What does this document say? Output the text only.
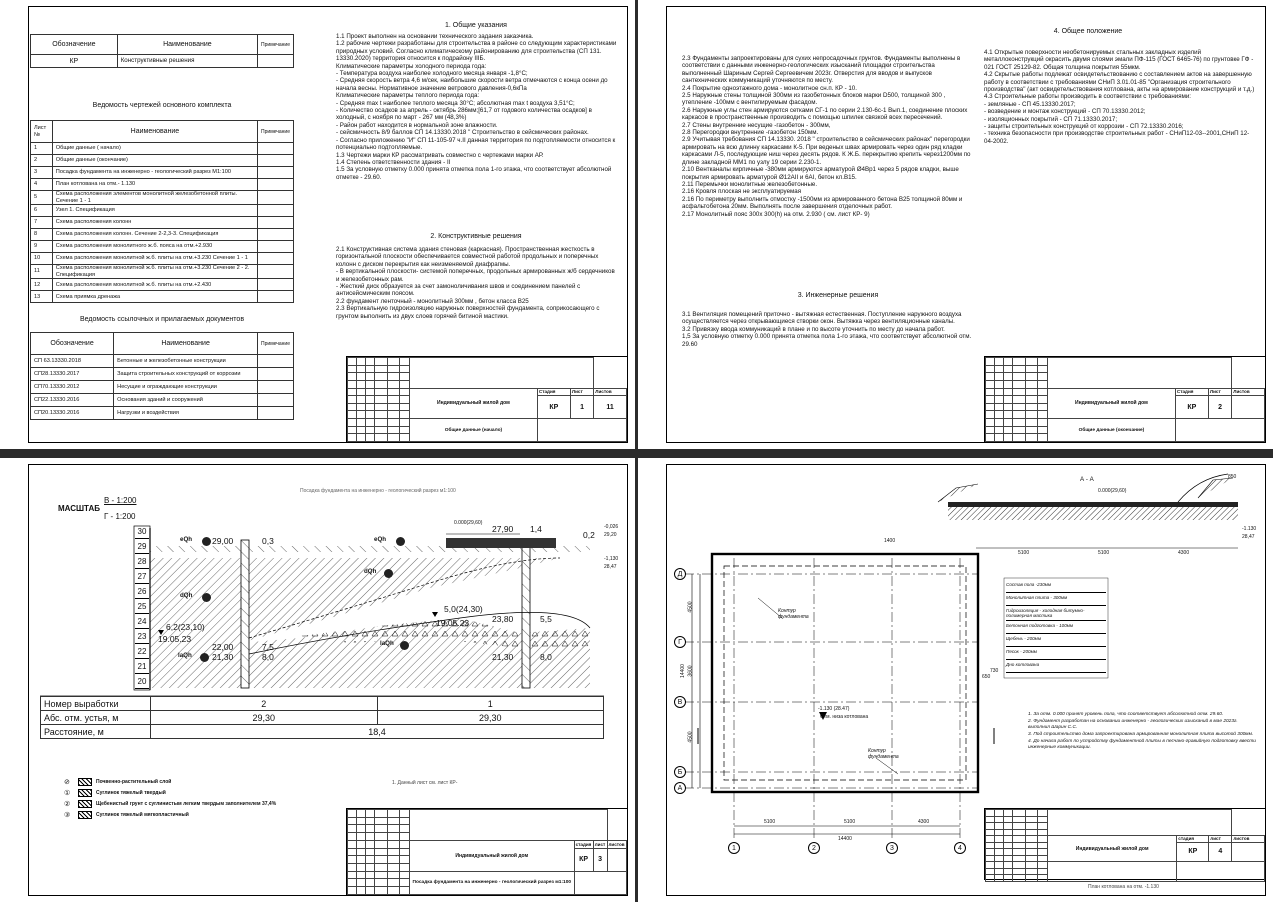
Обозначение	Наименование	Примечание
КР	Конструктивные решения	
Ведомость чертежей основного комплекта
Лист №	Наименование	Примечание
1	Общие данные ( начало)	
2	Общие данные (окончание)	
3	Посадка фундамента на инженерно - геологический разрез М1:100	
4	План котлована на отм.- 1.130	
5	Схема расположения элементов монолитной железобетонной плиты. Сечение 1 - 1	
6	Узел 1. Спецификация	
7	Схема расположения колонн	
8	Схема расположения колонн. Сечение 2-2,3-3. Спецификация	
9	Схема расположения монолитного ж.б. пояса на отм.+2.930	
10	Схема расположения монолитной ж.б. плиты на отм.+3.230 Сечение 1 - 1	
11	Схема расположения монолитной ж.б. плиты на отм.+3.230 Сечение 2 - 2. Спецификация	
12	Схема расположения монолитной ж.б. плиты на отм.+2.430	
13	Схема приямка дренажа	
Ведомость ссылочных и прилагаемых документов
Обозначение	Наименование	Примечание
СП 63.13330.2018	Бетонные и железобетонные конструкции	
СП28.13330.2017	Защита строительных конструкций от коррозии	
СП70.13330.2012	Несущие и ограждающие конструкции	
СП22.13330.2016	Основания зданий и сооружений	
СП20.13330.2016	Нагрузки и воздействия	
1. Общие указания

1.1 Проект выполнен на основании технического задания заказчика.

1.2 рабочие чертежи разработаны для строительства в районе со следующим характеристиками природных условий. Согласно климатическому районированию для строительства (СП 131. 13330.2020) территория относится к подрайону IIIБ.

Климатические параметры холодного периода года:

- Температура воздуха наиболее холодного месяца января -1,8°С;

- Средняя скорость ветра 4,6 м/сек, наибольшие скорости ветра отмечаются с конца осени до начала весны. Нормативное значение ветрового давления-0,6кПа

Климатические параметры теплого периода года:

- Средняя max t наиболее теплого месяца 30°С; абсолютная max t воздуха 3,51°С;

- Количество осадков за апрель - октябрь 286мм;[61,7 от годового количества осадков] в холодный, с ноября по март - 267 мм (48,3%)

- Район работ находится в нормальной зоне влажности.

- сейсмичность 8/9 баллов СП 14.13330.2018 " Строительство в сейсмических районах.

- Согласно приложению "И" СП 11-105-97 ч.II данная территория по подтопляемости относится к потенциально подтопляемые.

1.3 Чертежи марки КР рассматривать совместно с чертежами марки АР.

1.4 Степень ответственности здания - II

1.5 За условную отметку 0.000 принята отметка пола 1-го этажа, что соответствует абсолютной отметке - 29.60.

2. Конструктивные решения

2.1 Конструктивная система здания стеновая (каркасная). Пространственная жесткость в горизонтальной плоскости обеспечивается совместной работой продольных и поперечных колонн с диском перекрытия как неизменяемой диафрагмы.

- В вертикальной плоскости- системой поперечных, продольных армированных ж/б сердечников и железобетонных рам.

- Жесткий диск образуется за счет замоноличивания швов и соединением панелей с антисейсмическим поясом.

2.2 фундамент ленточный - монолитный 300мм , бетон класса В25

2.3 Вертикальную гидроизоляцию наружных поверхностей фундамента, соприкосающего с грунтом выполнить из двух слоев горячей битиной мастики.

						Индивидуальный жилой дом	Стадия	Лист	Листов
							КР	1	11

						Общие данные (начало)			

4. Общее положение

2.3 Фундаменты запроектированы для сухих непросадочных грунтов. Фундаменты выполнены в соответствии с данными инженерно-геологических изысканий площадки строительства выполненный Шариным Сергей Сергеевичем 2023г. Отверстия для вводов и выпусков сантехнических коммуникаций уточняются по месту.

2.4 Покрытие одноэтажного дома - монолитное сн.п. КР - 10.

2.5 Наружные стены толщиной 300мм из газобетонных блоков марки D500, толщиной 300 , утепление -100мм с вентилируемым фасадом.

2.6 Наружные углы стен армируются сетками СГ-1 по серии 2.130-6с-1 Вып.1, соединение плоских каркасов в пространственные производить с помощью шпилек связкой всех пересечений.

2.7 Стены внутренние несущие -газобетон - 300мм,

2.8 Перегородки внутренние -газобетон 150мм.

2.9 Учитывая требования СП 14.13330. 2018 " строительство в сейсмических районах" перегородки армировать на всю длинну каркасами К-5. При веденых швах армировать через один ряд кладки каркасами Л-5, последующие ниш через десять рядов. К Ж.Б. перекрытию крепить через1200мм по длине закладной ММ1 по узлу 19 серии 2.230-1.

2.10 Вентканалы кирпичные -380мм армируются арматурой Ø4Вр1 через 5 рядов кладки, выше покрытия армировать арматурой Ø12АII и 6АI, бетон кл.В15.

2.11 Перемычки монолитные железобетонные.

2.16 Кровля плоская не эксплуатируемая

2.16 По периметру выполнить отмостку -1500мм из армированного бетона В25 толщиной 80мм и асфальтобетона 20мм. Выполнять после завершения отделочных работ.

2.17 Монолитный пояс 300x 300(h) на отм. 2.930 ( см. лист КР- 9)

4.1 Открытые поверхности необетонируемых стальных закладных изделий металлоконструкций окрасить двумя слоями эмали ПФ-115 (ГОСТ 6465-76) по грунтовке ГФ - 021 ГОСТ 25129-82. Общая толщина покрытия 55мкм.

4.2 Скрытые работы подлежат освидетельствованию с составлением актов на завершенную работу в соответствии с требованиями СНиП 3.01.01-85 "Организация строительного производства" (акт освидетельствования котлована, акты на армирование конструкций и т.д.)

4.3 Строительные работы производить в соответствии с требованиями:

- земляные - СП 45.13330.2017;

- возведение и монтаж конструкций - СП 70.13330.2012;

- изоляционных покрытий - СП 71.13330.2017;

- защиты строительных конструкций от коррозии - СП 72.13330.2016;

- техника безопасности при производстве строительных работ - СНиП12-03--2001,СНиП 12-04-2002.

3. Инженерные решения

3.1 Вентиляция помещений приточно - вытяжная естественная. Поступление наружного воздуха осуществляется через открывающиеся створки окон. Вытяжка через вентиляционные каналы.

3.2 Привязку ввода коммуникаций в плане и по высоте уточнить по месту до начала работ.

1,5 За условную отметку 0.000 принята отметка пола 1-го этажа, что соответствует абсолютной отм. 29.60

						Индивидуальный жилой дом	Стадия	Лист	Листов
							КР	2	

						Общие данные (окончание)			

Посадка фундамента на инженерно - геологический разрез м1:100
30
29
28
27
26
25
24
23
22
21
20
МАСШТАБ
В - 1:200
Г - 1:200
eQh	eQh
dQh
dQh
laQh
laQh
29,00	0,3
27,90 1,4
0.000(29,60)
0,2
-0,026
29,20
-1,130
28,47
6,2(23,10)
19.05.23
22,00
21,30
7,5
8,0
5,0(24,30)
19.05.23	23,80	5,5
21,30	8,0
Номер выработки	2	1
Абс. отм. устья, м	29,30	29,30
Расстояние, м	18,4	
⊘	Почвенно-растительный слой
①	Суглинок тяжелый твердый
②	Щебенистый грунт с суглинистым легким твердым заполнителем 37,4%
③	Суглинок тяжелый мягкопластичный
1. Данный лист см. лист КР-

						Индивидуальный жилой дом	стадия	лист	листов
							КР	3	

						Посадка фундамента на инженерно - геологический разрез м1:100			

А - А
0.000(29,60)
-1.130
28,47
5100	5100	4300
5100	5100	4300
14400
1	2	3	4
Д
Г
В
Б
А
4500
3600
4500
14400
-1.130 (28.47)
Отм. низа котлована
Контур фундамента
Контур фундамента
1400
650
730
850
Состав пола -230мм
Монолитная плита - 300мм
Гидроизоляция - холодная битумно-полимерная мастика
Бетонная подготовка - 100мм
Щебень - 200мм
Песок - 200мм
Дно котлована
1. За отм. 0.000 принят уровень пола, что соответствует абсолютной отм. 29.60.
2. Фундамент разработан на основании инженерно - геологических изысканий в мае 2023г. выполнил Шарин С.С.
3. Под строительство дома запроектирована армированная монолитная плита высотой 300мм.
4. До начала работ по устройству фундаментной плиты в песчано-гравийную подготовку ввести инженерные коммуникации.

						Индивидуальный жилой дом	стадия	лист	листов
							КР	4	

План котлована на отм. -1.130
